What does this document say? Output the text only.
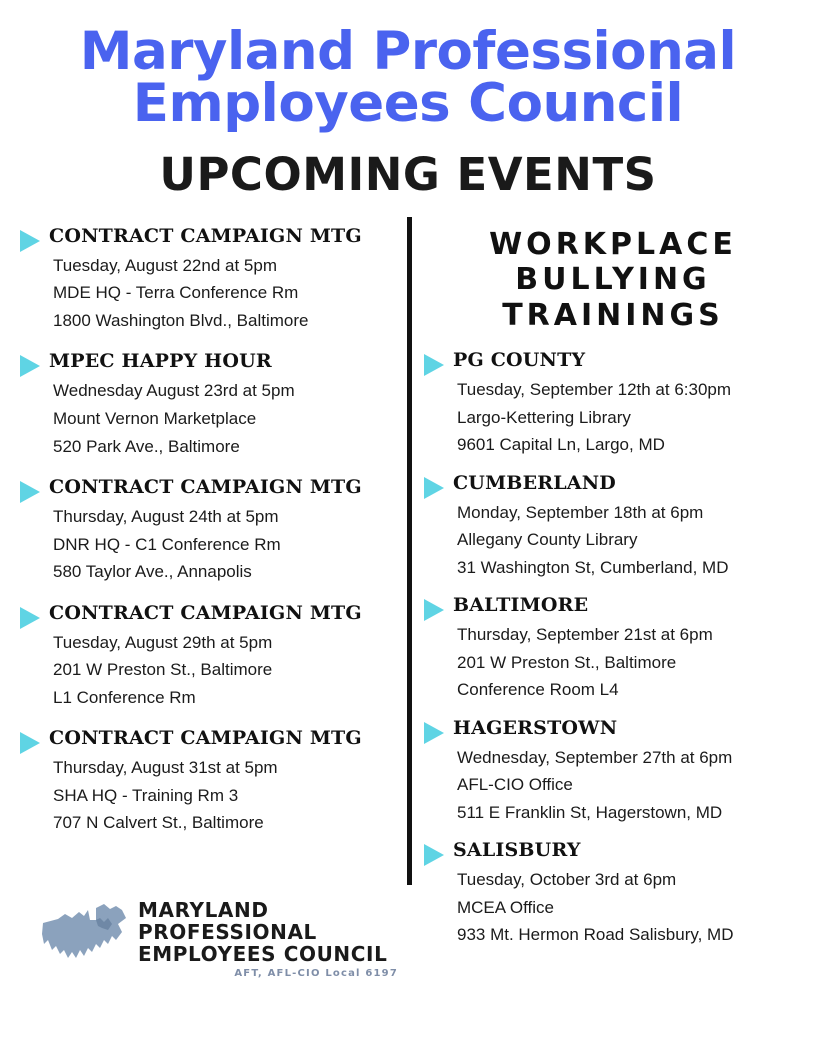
Maryland Professional
Employees Council
UPCOMING EVENTS
CONTRACT CAMPAIGN MTG
Tuesday, August 22nd at 5pm
MDE HQ - Terra Conference Rm
1800 Washington Blvd., Baltimore
MPEC HAPPY HOUR
Wednesday August 23rd at 5pm
Mount Vernon Marketplace
520 Park Ave., Baltimore
CONTRACT CAMPAIGN MTG
Thursday, August 24th at 5pm
DNR HQ - C1 Conference Rm
580 Taylor Ave., Annapolis
CONTRACT CAMPAIGN MTG
Tuesday, August 29th at 5pm
201 W Preston St., Baltimore
L1 Conference Rm
CONTRACT CAMPAIGN MTG
Thursday, August 31st at 5pm
SHA HQ - Training Rm 3
707 N Calvert St., Baltimore
WORKPLACE BULLYING TRAININGS
PG COUNTY
Tuesday, September 12th at 6:30pm
Largo-Kettering Library
9601 Capital Ln, Largo, MD
CUMBERLAND
Monday, September 18th at 6pm
Allegany County Library
31 Washington St, Cumberland, MD
BALTIMORE
Thursday, September 21st at 6pm
201 W Preston St., Baltimore
Conference Room L4
HAGERSTOWN
Wednesday, September 27th at 6pm
AFL-CIO Office
511 E Franklin St, Hagerstown, MD
SALISBURY
Tuesday, October 3rd at 6pm
MCEA Office
933 Mt. Hermon Road Salisbury, MD
MARYLAND PROFESSIONAL
EMPLOYEES COUNCIL
AFT, AFL-CIO Local 6197
